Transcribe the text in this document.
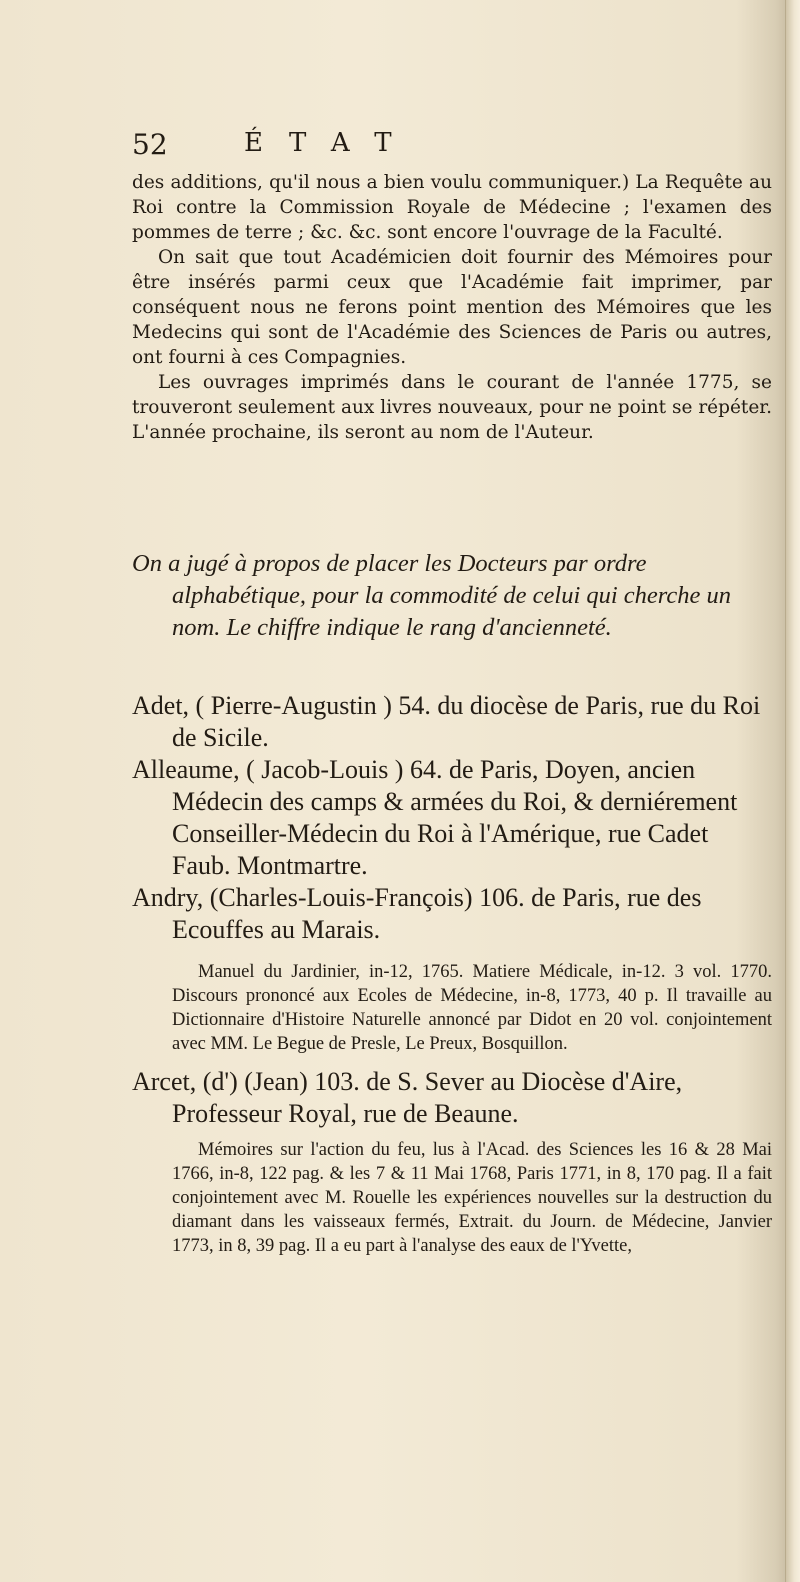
52	ÉTAT

des additions, qu'il nous a bien voulu communiquer.) La Requête au Roi contre la Commission Royale de Médecine ; l'examen des pommes de terre ; &c. &c. sont encore l'ouvrage de la Faculté.

On sait que tout Académicien doit fournir des Mémoires pour être insérés parmi ceux que l'Académie fait imprimer, par conséquent nous ne ferons point mention des Mémoires que les Medecins qui sont de l'Académie des Sciences de Paris ou autres, ont fourni à ces Compagnies.

Les ouvrages imprimés dans le courant de l'année 1775, se trouveront seulement aux livres nouveaux, pour ne point se répéter. L'année prochaine, ils seront au nom de l'Auteur.

On a jugé à propos de placer les Docteurs par ordre alphabétique, pour la commodité de celui qui cherche un nom. Le chiffre indique le rang d'ancienneté.

Adet, ( Pierre-Augustin ) 54. du diocèse de Paris, rue du Roi de Sicile.

Alleaume, ( Jacob-Louis ) 64. de Paris, Doyen, ancien Médecin des camps & armées du Roi, & derniérement Conseiller-Médecin du Roi à l'Amérique, rue Cadet Faub. Montmartre.

Andry, (Charles-Louis-François) 106. de Paris, rue des Ecouffes au Marais.

Manuel du Jardinier, in-12, 1765. Matiere Médicale, in-12. 3 vol. 1770. Discours prononcé aux Ecoles de Médecine, in-8, 1773, 40 p. Il travaille au Dictionnaire d'Histoire Naturelle annoncé par Didot en 20 vol. conjointement avec MM. Le Begue de Presle, Le Preux, Bosquillon.

Arcet, (d') (Jean) 103. de S. Sever au Diocèse d'Aire, Professeur Royal, rue de Beaune.

Mémoires sur l'action du feu, lus à l'Acad. des Sciences les 16 & 28 Mai 1766, in-8, 122 pag. & les 7 & 11 Mai 1768, Paris 1771, in 8, 170 pag. Il a fait conjointement avec M. Rouelle les expériences nouvelles sur la destruction du diamant dans les vaisseaux fermés, Extrait. du Journ. de Médecine, Janvier 1773, in 8, 39 pag. Il a eu part à l'analyse des eaux de l'Yvette,
